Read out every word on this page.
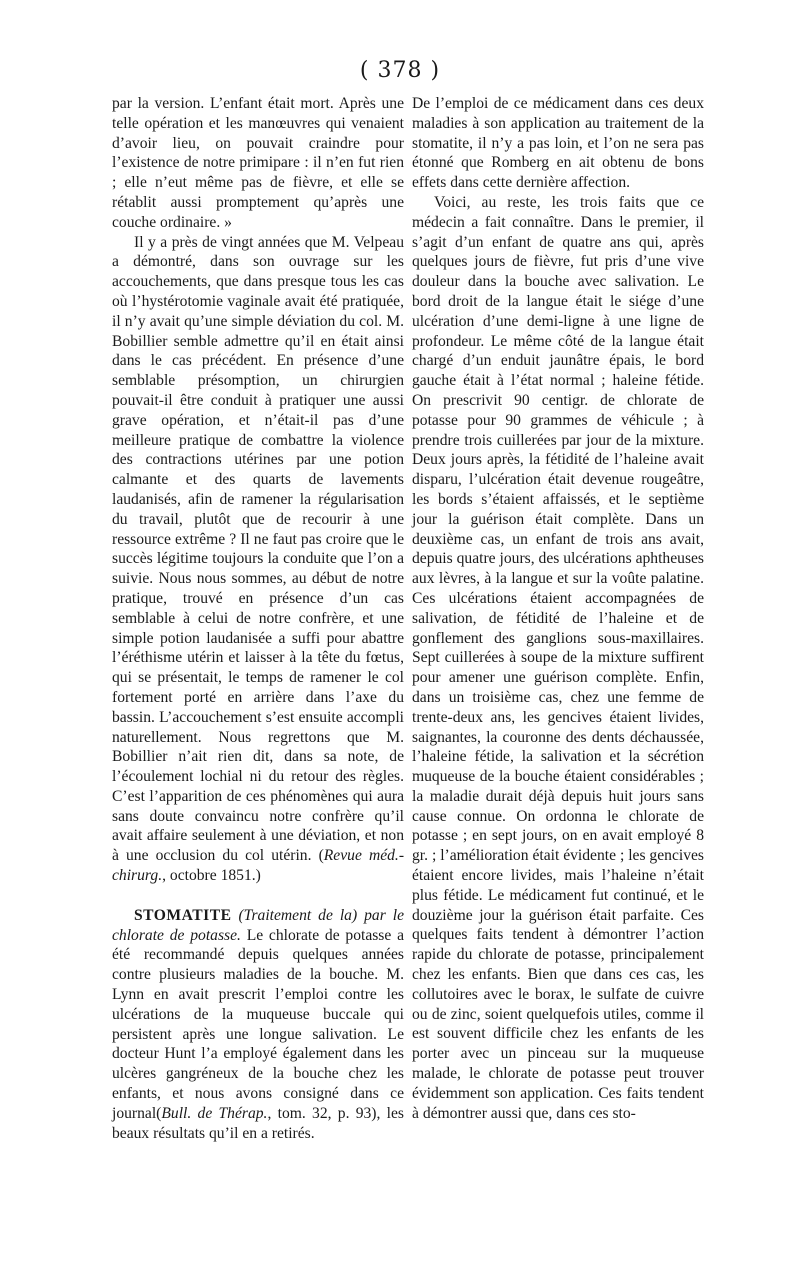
( 378 )

par la version. L’enfant était mort. Après une telle opération et les manœuvres qui venaient d’avoir lieu, on pouvait craindre pour l’existence de notre primipare : il n’en fut rien ; elle n’eut même pas de fièvre, et elle se rétablit aussi promptement qu’après une couche ordinaire. »

Il y a près de vingt années que M. Velpeau a démontré, dans son ouvrage sur les accouchements, que dans presque tous les cas où l’hystérotomie vaginale avait été pratiquée, il n’y avait qu’une simple déviation du col. M. Bobillier semble admettre qu’il en était ainsi dans le cas précédent. En présence d’une semblable présomption, un chirurgien pouvait-il être conduit à pratiquer une aussi grave opération, et n’était-il pas d’une meilleure pratique de combattre la violence des contractions utérines par une potion calmante et des quarts de lavements laudanisés, afin de ramener la régularisation du travail, plutôt que de recourir à une ressource extrême ? Il ne faut pas croire que le succès légitime toujours la conduite que l’on a suivie. Nous nous sommes, au début de notre pratique, trouvé en présence d’un cas semblable à celui de notre confrère, et une simple potion laudanisée a suffi pour abattre l’éréthisme utérin et laisser à la tête du fœtus, qui se présentait, le temps de ramener le col fortement porté en arrière dans l’axe du bassin. L’accouchement s’est ensuite accompli naturellement. Nous regrettons que M. Bobillier n’ait rien dit, dans sa note, de l’écoulement lochial ni du retour des règles. C’est l’apparition de ces phénomènes qui aura sans doute convaincu notre confrère qu’il avait affaire seulement à une déviation, et non à une occlusion du col utérin. (Revue méd.-chirurg., octobre 1851.)

STOMATITE (Traitement de la) par le chlorate de potasse. Le chlorate de potasse a été recommandé depuis quelques années contre plusieurs maladies de la bouche. M. Lynn en avait prescrit l’emploi contre les ulcérations de la muqueuse buccale qui persistent après une longue salivation. Le docteur Hunt l’a employé également dans les ulcères gangréneux de la bouche chez les enfants, et nous avons consigné dans ce journal(Bull. de Thérap., tom. 32, p. 93), les beaux résultats qu’il en a retirés.

De l’emploi de ce médicament dans ces deux maladies à son application au traitement de la stomatite, il n’y a pas loin, et l’on ne sera pas étonné que Romberg en ait obtenu de bons effets dans cette dernière affection.

Voici, au reste, les trois faits que ce médecin a fait connaître. Dans le premier, il s’agit d’un enfant de quatre ans qui, après quelques jours de fièvre, fut pris d’une vive douleur dans la bouche avec salivation. Le bord droit de la langue était le siége d’une ulcération d’une demi-ligne à une ligne de profondeur. Le même côté de la langue était chargé d’un enduit jaunâtre épais, le bord gauche était à l’état normal ; haleine fétide. On prescrivit 90 centigr. de chlorate de potasse pour 90 grammes de véhicule ; à prendre trois cuillerées par jour de la mixture. Deux jours après, la fétidité de l’haleine avait disparu, l’ulcération était devenue rougeâtre, les bords s’étaient affaissés, et le septième jour la guérison était complète. Dans un deuxième cas, un enfant de trois ans avait, depuis quatre jours, des ulcérations aphtheuses aux lèvres, à la langue et sur la voûte palatine. Ces ulcérations étaient accompagnées de salivation, de fétidité de l’haleine et de gonflement des ganglions sous-maxillaires. Sept cuillerées à soupe de la mixture suffirent pour amener une guérison complète. Enfin, dans un troisième cas, chez une femme de trente-deux ans, les gencives étaient livides, saignantes, la couronne des dents déchaussée, l’haleine fétide, la salivation et la sécrétion muqueuse de la bouche étaient considérables ; la maladie durait déjà depuis huit jours sans cause connue. On ordonna le chlorate de potasse ; en sept jours, on en avait employé 8 gr. ; l’amélioration était évidente ; les gencives étaient encore livides, mais l’haleine n’était plus fétide. Le médicament fut continué, et le douzième jour la guérison était parfaite. Ces quelques faits tendent à démontrer l’action rapide du chlorate de potasse, principalement chez les enfants. Bien que dans ces cas, les collutoires avec le borax, le sulfate de cuivre ou de zinc, soient quelquefois utiles, comme il est souvent difficile chez les enfants de les porter avec un pinceau sur la muqueuse malade, le chlorate de potasse peut trouver évidemment son application. Ces faits tendent à démontrer aussi que, dans ces sto-
